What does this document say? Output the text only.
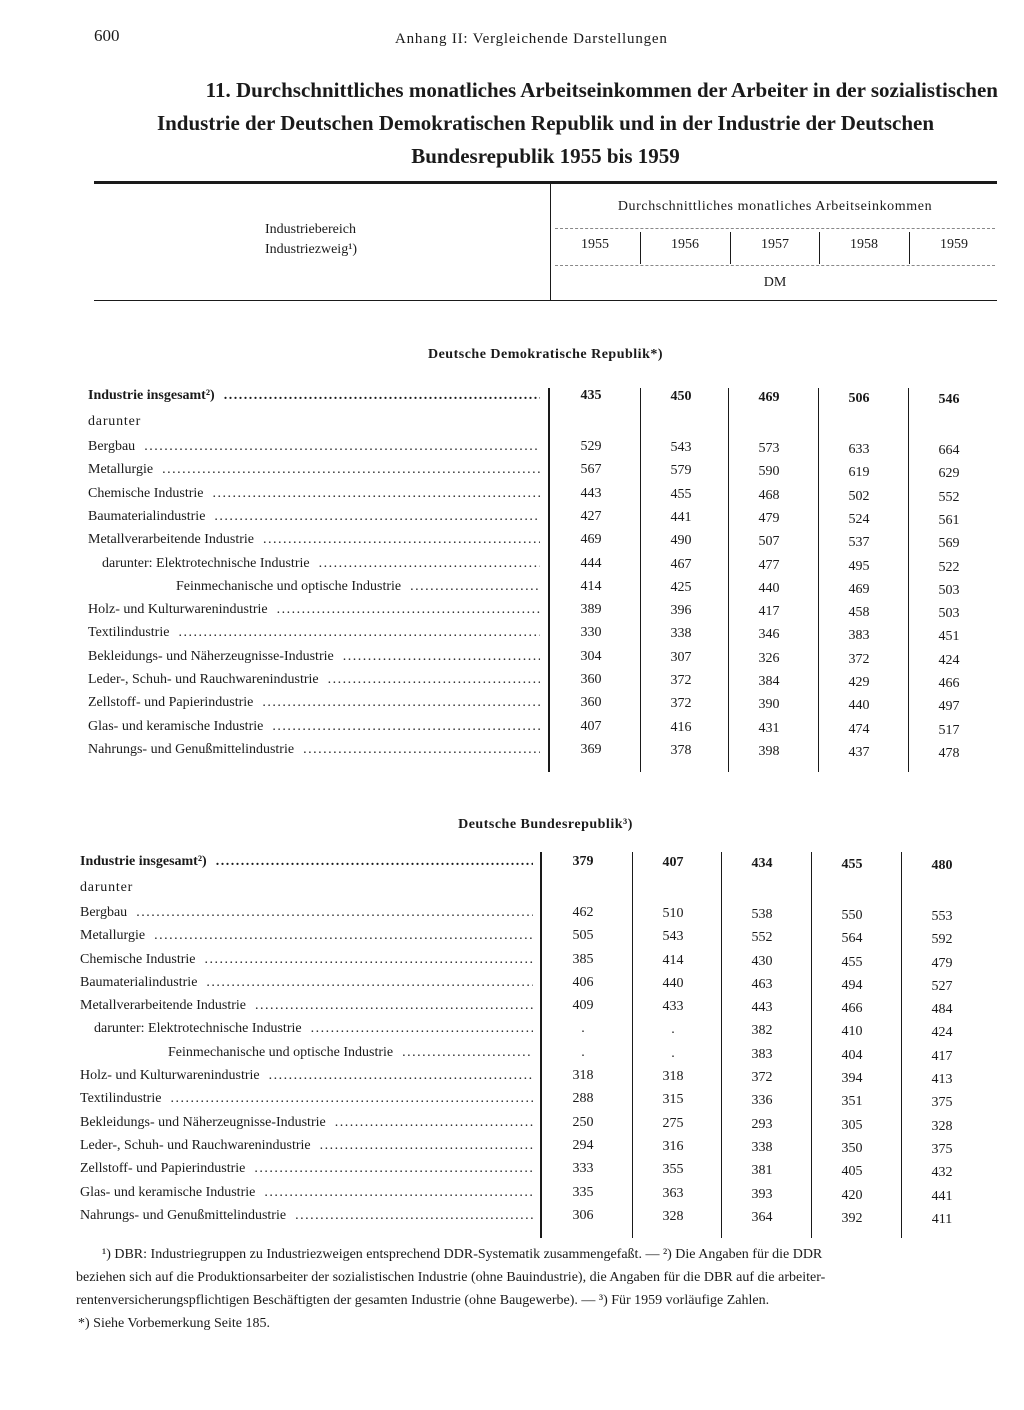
600	Anhang II: Vergleichende Darstellungen
11. Durchschnittliches monatliches Arbeitseinkommen der Arbeiter in der sozialistischen
Industrie der Deutschen Demokratischen Republik und in der Industrie der Deutschen
Bundesrepublik 1955 bis 1959
Industriebereich
Industriezweig¹)
Durchschnittliches monatliches Arbeitseinkommen
1955	1956	1957	1958	1959
DM
Deutsche Demokratische Republik*)
Industrie insgesamt²) .....	435	450	469	506	546
darunter
Bergbau .....	529	543	573	633	664
Metallurgie .....	567	579	590	619	629
Chemische Industrie .....	443	455	468	502	552
Baumaterialindustrie .....	427	441	479	524	561
Metallverarbeitende Industrie .....	469	490	507	537	569
darunter: Elektrotechnische Industrie .....	444	467	477	495	522
Feinmechanische und optische Industrie .....	414	425	440	469	503
Holz- und Kulturwarenindustrie .....	389	396	417	458	503
Textilindustrie .....	330	338	346	383	451
Bekleidungs- und Näherzeugnisse-Industrie .....	304	307	326	372	424
Leder-, Schuh- und Rauchwarenindustrie .....	360	372	384	429	466
Zellstoff- und Papierindustrie .....	360	372	390	440	497
Glas- und keramische Industrie .....	407	416	431	474	517
Nahrungs- und Genußmittelindustrie .....	369	378	398	437	478
Deutsche Bundesrepublik³)
Industrie insgesamt²) .....	379	407	434	455	480
darunter
Bergbau .....	462	510	538	550	553
Metallurgie .....	505	543	552	564	592
Chemische Industrie .....	385	414	430	455	479
Baumaterialindustrie .....	406	440	463	494	527
Metallverarbeitende Industrie .....	409	433	443	466	484
darunter: Elektrotechnische Industrie .....	.	.	382	410	424
Feinmechanische und optische Industrie .....	.	.	383	404	417
Holz- und Kulturwarenindustrie .....	318	318	372	394	413
Textilindustrie .....	288	315	336	351	375
Bekleidungs- und Näherzeugnisse-Industrie .....	250	275	293	305	328
Leder-, Schuh- und Rauchwarenindustrie .....	294	316	338	350	375
Zellstoff- und Papierindustrie .....	333	355	381	405	432
Glas- und keramische Industrie .....	335	363	393	420	441
Nahrungs- und Genußmittelindustrie .....	306	328	364	392	411
¹) DBR: Industriegruppen zu Industriezweigen entsprechend DDR-Systematik zusammengefaßt. — ²) Die Angaben für die DDR
beziehen sich auf die Produktionsarbeiter der sozialistischen Industrie (ohne Bauindustrie), die Angaben für die DBR auf die arbeiter-
rentenversicherungspflichtigen Beschäftigten der gesamten Industrie (ohne Baugewerbe). — ³) Für 1959 vorläufige Zahlen.
*) Siehe Vorbemerkung Seite 185.
